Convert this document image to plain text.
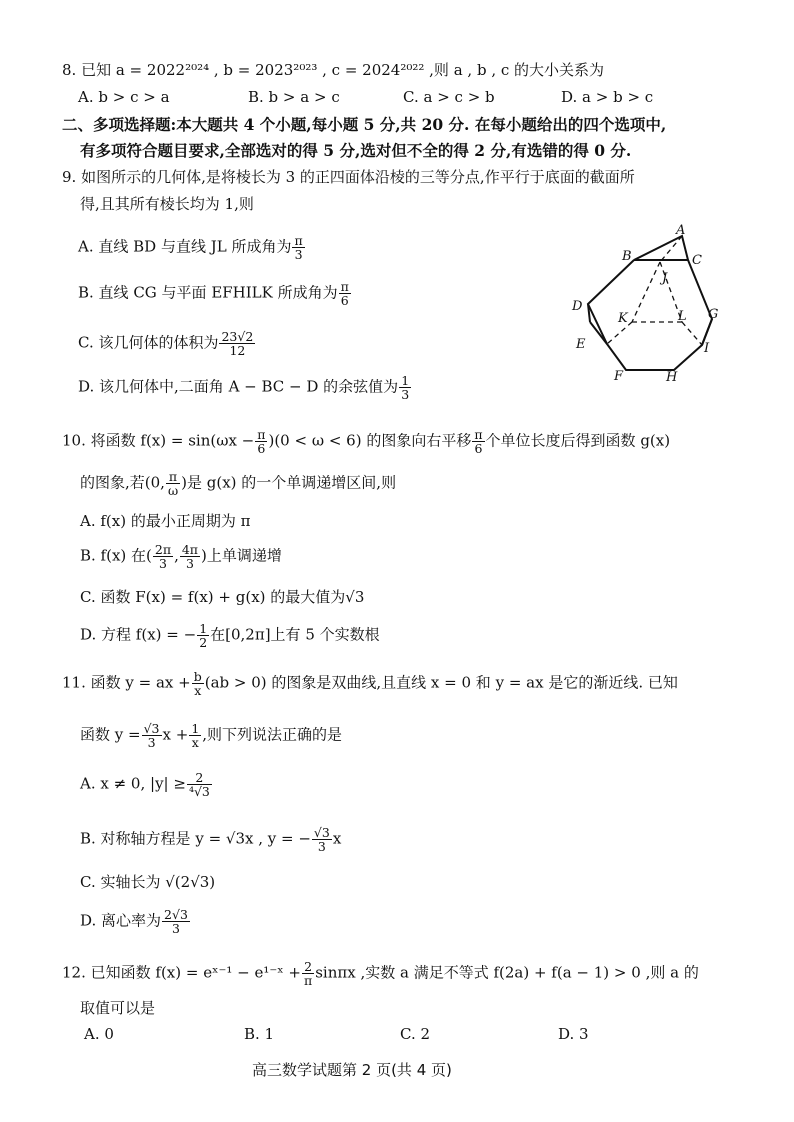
8. 已知 a = 2022²⁰²⁴ , b = 2023²⁰²³ , c = 2024²⁰²² ,则 a , b , c 的大小关系为
A. b > c > a	B. b > a > c	C. a > c > b	D. a > b > c
二、多项选择题:本大题共 4 个小题,每小题 5 分,共 20 分. 在每小题给出的四个选项中,
有多项符合题目要求,全部选对的得 5 分,选对但不全的得 2 分,有选错的得 0 分.
9. 如图所示的几何体,是将棱长为 3 的正四面体沿棱的三等分点,作平行于底面的截面所
得,且其所有棱长均为 1,则
A. 直线 BD 与直线 JL 所成角为 $\frac{\pi}{3}$
B. 直线 CG 与平面 EFHILK 所成角为 $\frac{\pi}{6}$
C. 该几何体的体积为 $\frac{23√2}{12}$
D. 该几何体中,二面角 A − BC − D 的余弦值为 $\frac{1}{3}$
A
B	C
J
D
K	L G
E	I
F	H
10. 将函数 $f(x) = \sin(\omega x - \frac{\pi}{6} )(0 < \omega < 6)$ 的图象向右平移 $\frac{\pi}{6}$ 个单位长度后得到函数 g(x)
的图象,若(0, $\frac{\pi}{\omega}$ )是 g(x) 的一个单调递增区间,则
A. f(x) 的最小正周期为 π
B. f(x) 在( $\frac{2\pi}{3}$ , $\frac{4\pi}{3}$ )上单调递增
C. 函数 F(x) = f(x) + g(x) 的最大值为√3
D. 方程 f(x) = − $\frac{1}{2}$ 在[0,2π]上有 5 个实数根
11. 函数 y = ax + $\frac{b}{x} (ab > 0)$ 的图象是双曲线,且直线 x = 0 和 y = ax 是它的渐近线. 已知
函数 $y = \frac{√3}{3}$ $x + \frac{1}{x}$ ,则下列说法正确的是
A. x ≠ 0, $|y| \ge \frac{2}{\text{⁴√3}}$
B. 对称轴方程是 y = √3x , y = − $\frac{√3}{3}$ x
C. 实轴长为 √(2√3)
D. 离心率为 $\frac{2√3}{3}$
12. 已知函数 f(x) = eˣ⁻¹ − e¹⁻ˣ + $\frac{2}{\pi}$ sinπx ,实数 a 满足不等式 f(2a) + f(a − 1) > 0 ,则 a 的
取值可以是
A. 0	B. 1	C. 2	D. 3
高三数学试题第 2 页(共 4 页)
